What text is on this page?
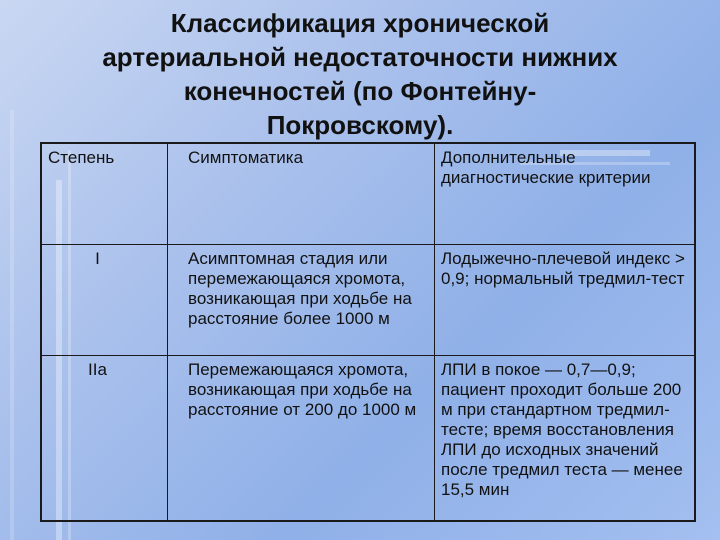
Классификация хронической
артериальной недостаточности нижних
конечностей (по Фонтейну-
Покровскому).
Степень	Симптоматика	Дополнительные диагностические критерии
I	Асимптомная стадия или перемежающаяся хромота, возникающая при ходьбе на расстояние более 1000 м	Лодыжечно-плечевой индекс > 0,9; нормальный тредмил-тест
IIa	Перемежающаяся хромота, возникающая при ходьбе на расстояние от 200 до 1000 м	ЛПИ в покое — 0,7—0,9; пациент проходит больше 200 м при стандартном тредмил-тесте; время восстановления ЛПИ до исходных значений после тредмил теста — менее 15,5 мин
